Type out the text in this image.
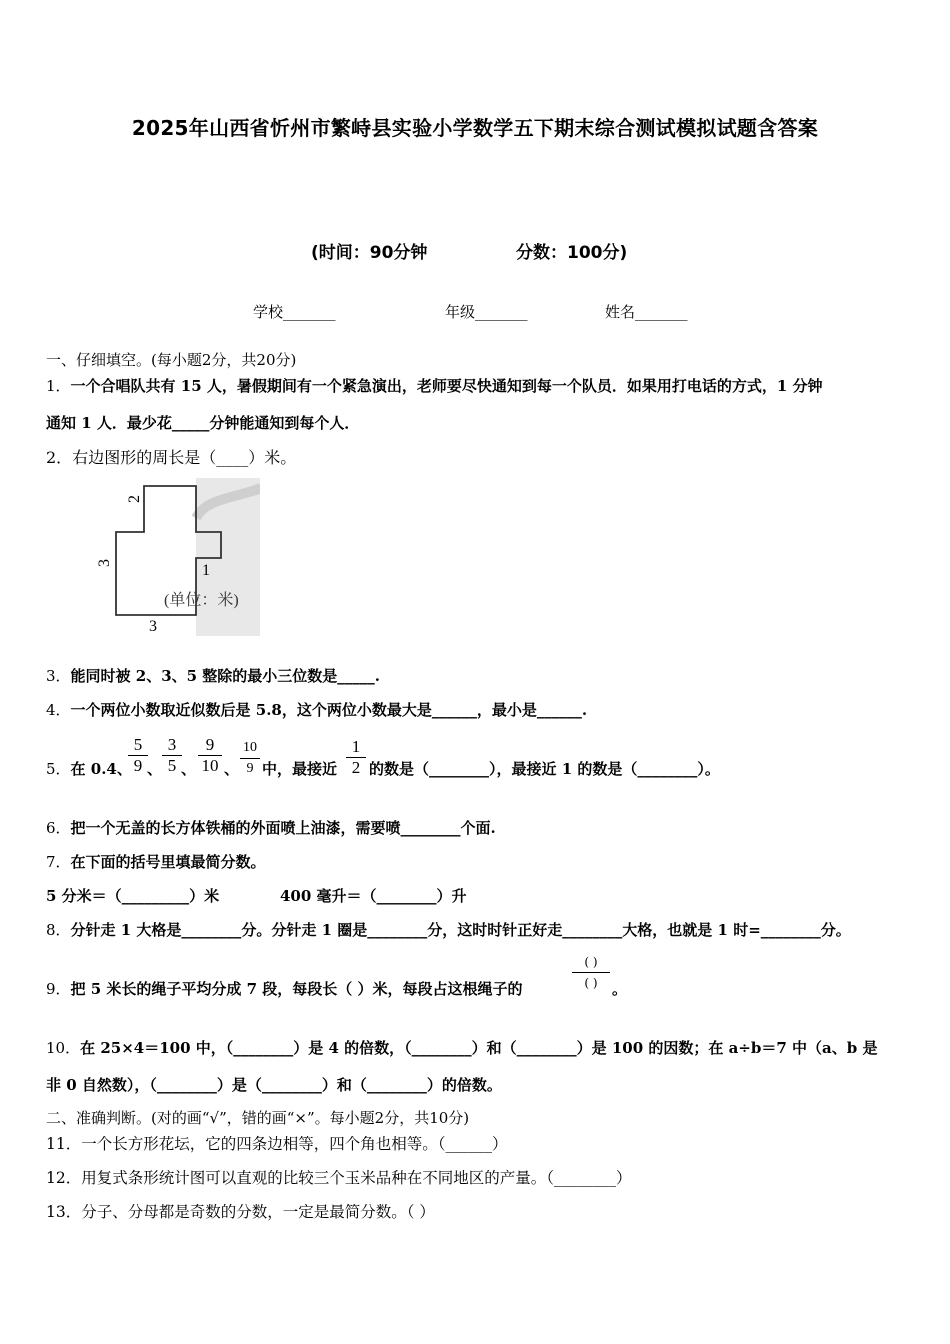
2025年山西省忻州市繁峙县实验小学数学五下期末综合测试模拟试题含答案
(时间：90分钟	分数：100分)
学校_______	年级_______	姓名_______
一、仔细填空。(每小题2分，共20分)
1．一个合唱队共有 15 人，暑假期间有一个紧急演出，老师要尽快通知到每一个队员．如果用打电话的方式，1 分钟
通知 1 人．最少花_____分钟能通知到每个人．
2．右边图形的周长是（____）米。
2
3	1
3
(单位：米)
3．能同时被 2、3、5 整除的最小三位数是_____.
4．一个两位小数取近似数后是 5.8，这个两位小数最大是______，最小是______.
5．在 0.4、
5
9 、
3
5 、
9
10 、
10
9 中，最接近
1
2 的数是（________），最接近 1 的数是（________）。
6．把一个无盖的长方体铁桶的外面喷上油漆，需要喷________个面.
7．在下面的括号里填最简分数。
5 分米＝（_________）米	400 毫升＝（________）升
8．分针走 1 大格是________分。分针走 1 圈是________分，这时时针正好走________大格，也就是 1 时=________分。
9．把 5 米长的绳子平均分成 7 段，每段长（ ）米，每段占这根绳子的
( )
( ) 。
10．在 25×4＝100 中，（________）是 4 的倍数，（________）和（________）是 100 的因数；在 a÷b＝7 中（a、b 是
非 0 自然数），（________）是（________）和（________）的倍数。
二、准确判断。(对的画“√”，错的画“×”。每小题2分，共10分)
11．一个长方形花坛，它的四条边相等，四个角也相等。（______）
12．用复式条形统计图可以直观的比较三个玉米品种在不同地区的产量。（________）
13．分子、分母都是奇数的分数，一定是最简分数。（ ）
